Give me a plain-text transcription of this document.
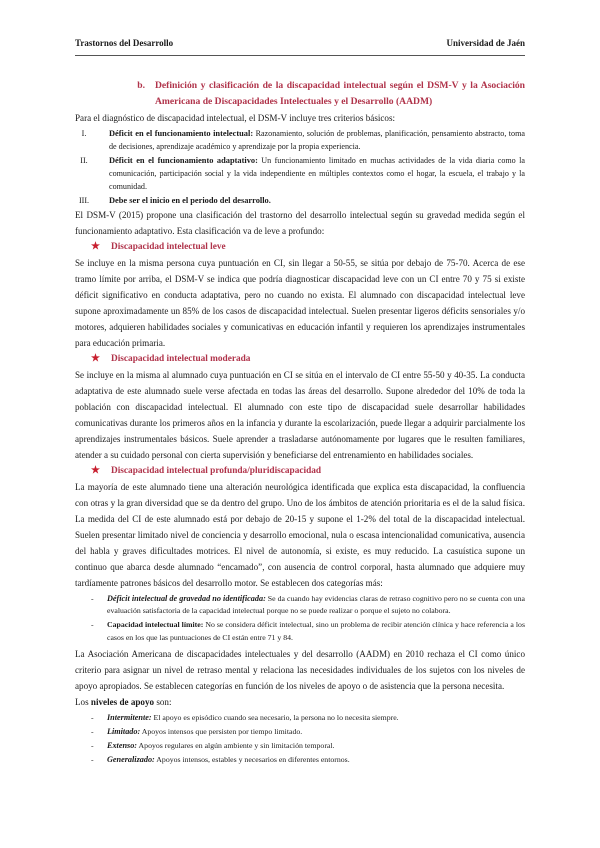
Trastornos del Desarrollo	Universidad de Jaén
b.	Definición y clasificación de la discapacidad intelectual según el DSM-V y la Asociación Americana de Discapacidades Intelectuales y el Desarrollo (AADM)

Para el diagnóstico de discapacidad intelectual, el DSM-V incluye tres criterios básicos:

I.	Déficit en el funcionamiento intelectual: Razonamiento, solución de problemas, planificación, pensamiento abstracto, toma de decisiones, aprendizaje académico y aprendizaje por la propia experiencia.
II.	Déficit en el funcionamiento adaptativo: Un funcionamiento limitado en muchas actividades de la vida diaria como la comunicación, participación social y la vida independiente en múltiples contextos como el hogar, la escuela, el trabajo y la comunidad.
III.	Debe ser el inicio en el periodo del desarrollo.

El DSM-V (2015) propone una clasificación del trastorno del desarrollo intelectual según su gravedad medida según el funcionamiento adaptativo. Esta clasificación va de leve a profundo:

★	Discapacidad intelectual leve

Se incluye en la misma persona cuya puntuación en CI, sin llegar a 50-55, se sitúa por debajo de 75-70. Acerca de ese tramo límite por arriba, el DSM-V se indica que podría diagnosticar discapacidad leve con un CI entre 70 y 75 si existe déficit significativo en conducta adaptativa, pero no cuando no exista. El alumnado con discapacidad intelectual leve supone aproximadamente un 85% de los casos de discapacidad intelectual. Suelen presentar ligeros déficits sensoriales y/o motores, adquieren habilidades sociales y comunicativas en educación infantil y requieren los aprendizajes instrumentales para educación primaria.

★	Discapacidad intelectual moderada

Se incluye en la misma al alumnado cuya puntuación en CI se sitúa en el intervalo de CI entre 55-50 y 40-35. La conducta adaptativa de este alumnado suele verse afectada en todas las áreas del desarrollo. Supone alrededor del 10% de toda la población con discapacidad intelectual. El alumnado con este tipo de discapacidad suele desarrollar habilidades comunicativas durante los primeros años en la infancia y durante la escolarización, puede llegar a adquirir parcialmente los aprendizajes instrumentales básicos. Suele aprender a trasladarse autónomamente por lugares que le resulten familiares, atender a su cuidado personal con cierta supervisión y beneficiarse del entrenamiento en habilidades sociales.

★	Discapacidad intelectual profunda/pluridiscapacidad

La mayoría de este alumnado tiene una alteración neurológica identificada que explica esta discapacidad, la confluencia con otras y la gran diversidad que se da dentro del grupo. Uno de los ámbitos de atención prioritaria es el de la salud física. La medida del CI de este alumnado está por debajo de 20-15 y supone el 1-2% del total de la discapacidad intelectual. Suelen presentar limitado nivel de conciencia y desarrollo emocional, nula o escasa intencionalidad comunicativa, ausencia del habla y graves dificultades motrices. El nivel de autonomía, si existe, es muy reducido. La casuística supone un continuo que abarca desde alumnado “encamado”, con ausencia de control corporal, hasta alumnado que adquiere muy tardíamente patrones básicos del desarrollo motor. Se establecen dos categorías más:

-	Déficit intelectual de gravedad no identificada: Se da cuando hay evidencias claras de retraso cognitivo pero no se cuenta con una evaluación satisfactoria de la capacidad intelectual porque no se puede realizar o porque el sujeto no colabora.
-	Capacidad intelectual límite: No se considera déficit intelectual, sino un problema de recibir atención clínica y hace referencia a los casos en los que las puntuaciones de CI están entre 71 y 84.

La Asociación Americana de discapacidades intelectuales y del desarrollo (AADM) en 2010 rechaza el CI como único criterio para asignar un nivel de retraso mental y relaciona las necesidades individuales de los sujetos con los niveles de apoyo apropiados. Se establecen categorías en función de los niveles de apoyo o de asistencia que la persona necesita.

Los niveles de apoyo son:

-	Intermitente: El apoyo es episódico cuando sea necesario, la persona no lo necesita siempre.
-	Limitado: Apoyos intensos que persisten por tiempo limitado.
-	Extenso: Apoyos regulares en algún ambiente y sin limitación temporal.
-	Generalizado: Apoyos intensos, estables y necesarios en diferentes entornos.
